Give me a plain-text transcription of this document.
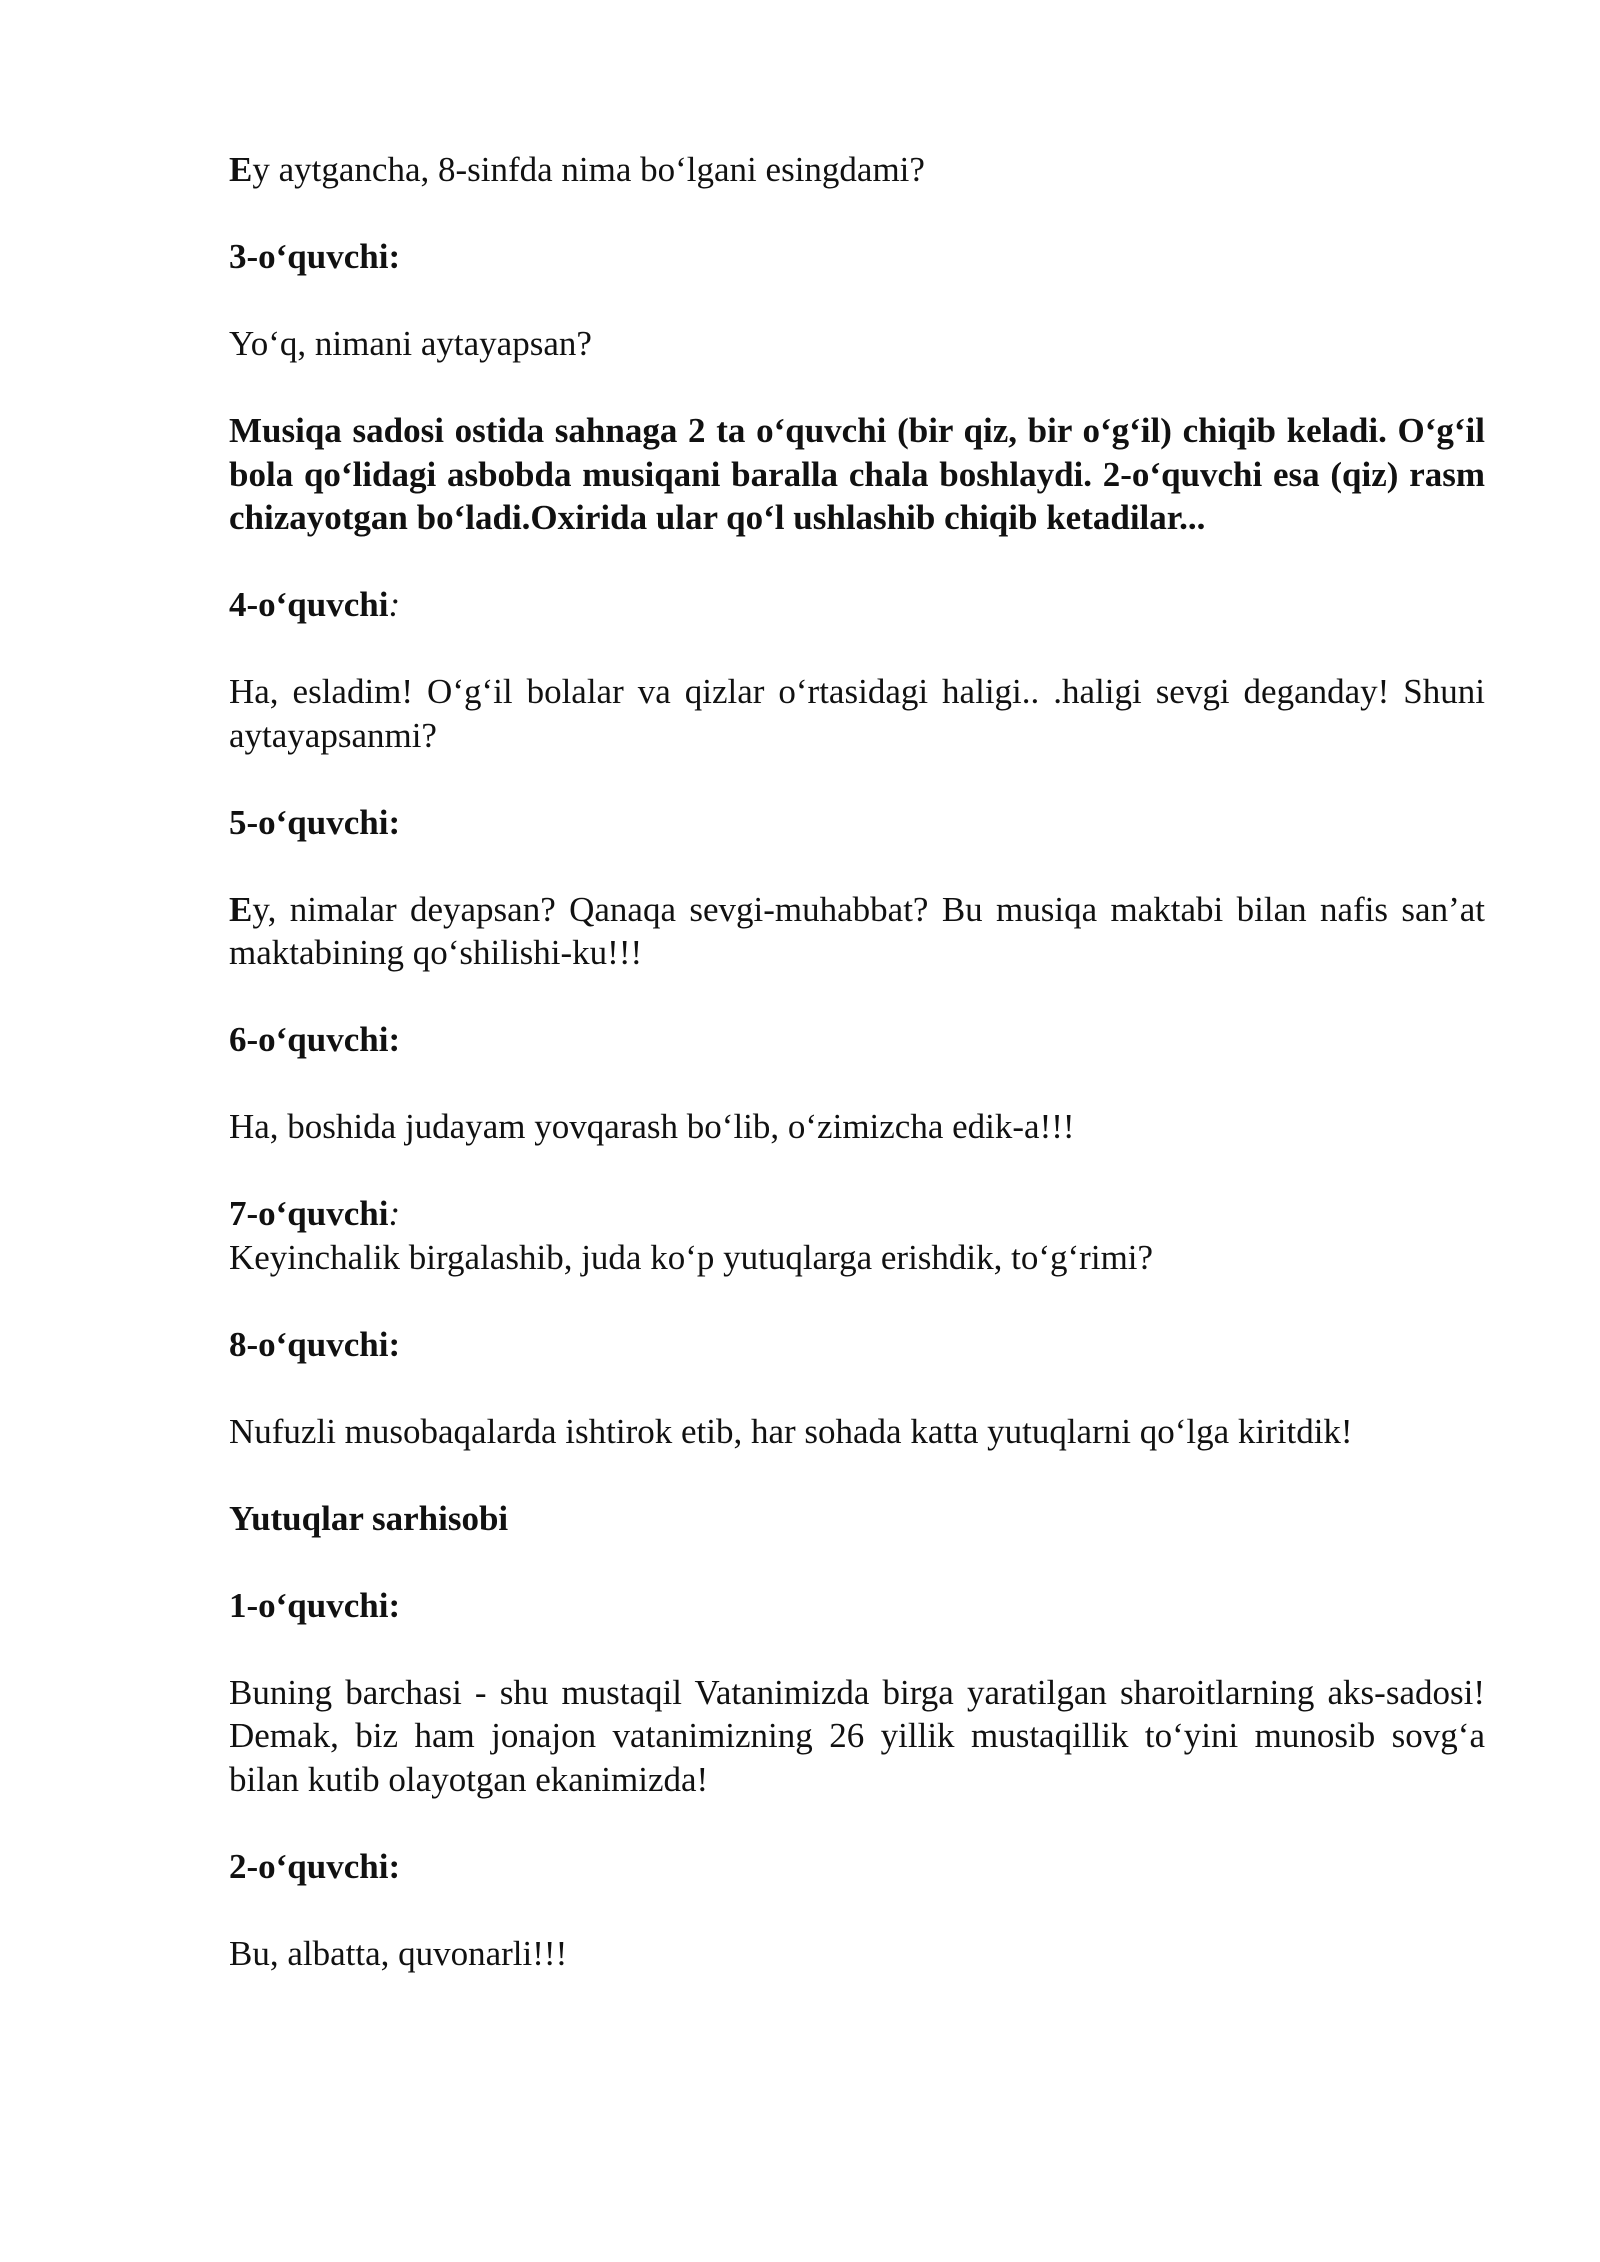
Ey aytgancha, 8-sinfda nima bo‘lgani esingdami?

3-o‘quvchi:

Yo‘q, nimani aytayapsan?

Musiqa sadosi ostida sahnaga 2 ta o‘quvchi (bir qiz, bir o‘g‘il) chiqib keladi. O‘g‘il bola qo‘lidagi asbobda musiqani baralla chala boshlaydi. 2-o‘quvchi esa (qiz) rasm chizayotgan bo‘ladi.Oxirida ular qo‘l ushlashib chiqib ketadilar...

4-o‘quvchi:

Ha, esladim! O‘g‘il bolalar va qizlar o‘rtasidagi haligi.. .haligi sevgi deganday! Shuni aytayapsanmi?

5-o‘quvchi:

Ey, nimalar deyapsan? Qanaqa sevgi-muhabbat? Bu musiqa maktabi bilan nafis san’at maktabining qo‘shilishi-ku!!!

6-o‘quvchi:

Ha, boshida judayam yovqarash bo‘lib, o‘zimizcha edik-a!!!

7-o‘quvchi:

Keyinchalik birgalashib, juda ko‘p yutuqlarga erishdik, to‘g‘rimi?

8-o‘quvchi:

Nufuzli musobaqalarda ishtirok etib, har sohada katta yutuqlarni qo‘lga kiritdik!

Yutuqlar sarhisobi

1-o‘quvchi:

Buning barchasi - shu mustaqil Vatanimizda birga yaratilgan sharoitlarning aks-sadosi! Demak, biz ham jonajon vatanimizning 26 yillik mustaqillik to‘yini munosib sovg‘a bilan kutib olayotgan ekanimizda!

2-o‘quvchi:

Bu, albatta, quvonarli!!!
